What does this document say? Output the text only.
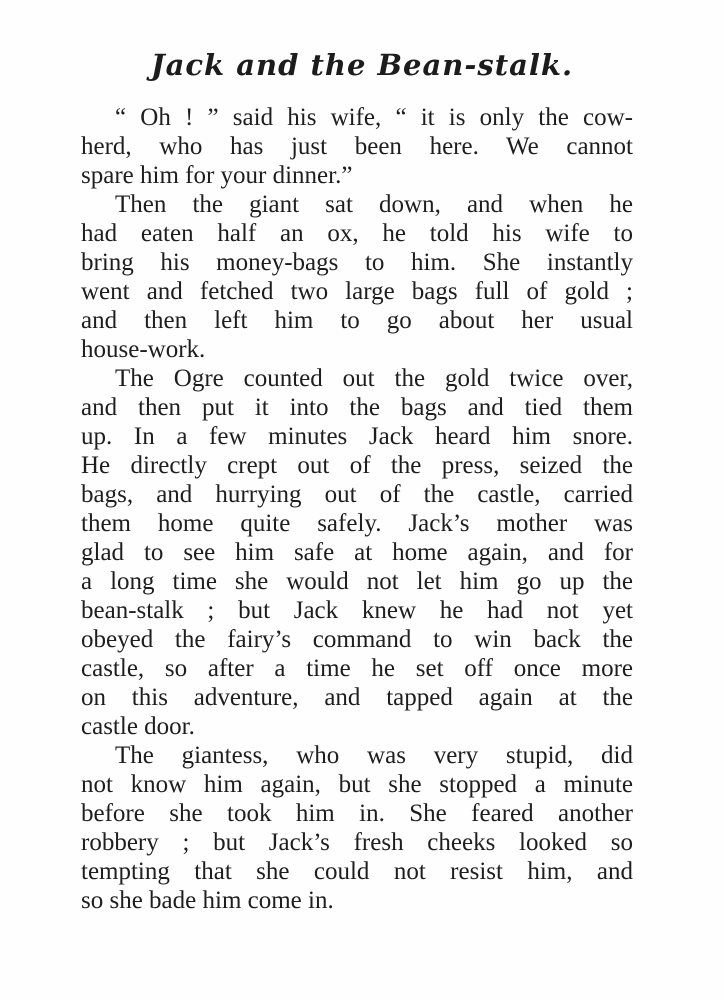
Jack and the Bean-stalk.

“ Oh ! ” said his wife, “ it is only the cow-
herd, who has just been here. We cannot
spare him for your dinner.”

Then the giant sat down, and when he
had eaten half an ox, he told his wife to
bring his money-bags to him. She instantly
went and fetched two large bags full of gold ;
and then left him to go about her usual
house-work.

The Ogre counted out the gold twice over,
and then put it into the bags and tied them
up. In a few minutes Jack heard him snore.
He directly crept out of the press, seized the
bags, and hurrying out of the castle, carried
them home quite safely. Jack’s mother was
glad to see him safe at home again, and for
a long time she would not let him go up the
bean-stalk ; but Jack knew he had not yet
obeyed the fairy’s command to win back the
castle, so after a time he set off once more
on this adventure, and tapped again at the
castle door.

The giantess, who was very stupid, did
not know him again, but she stopped a minute
before she took him in. She feared another
robbery ; but Jack’s fresh cheeks looked so
tempting that she could not resist him, and
so she bade him come in.
